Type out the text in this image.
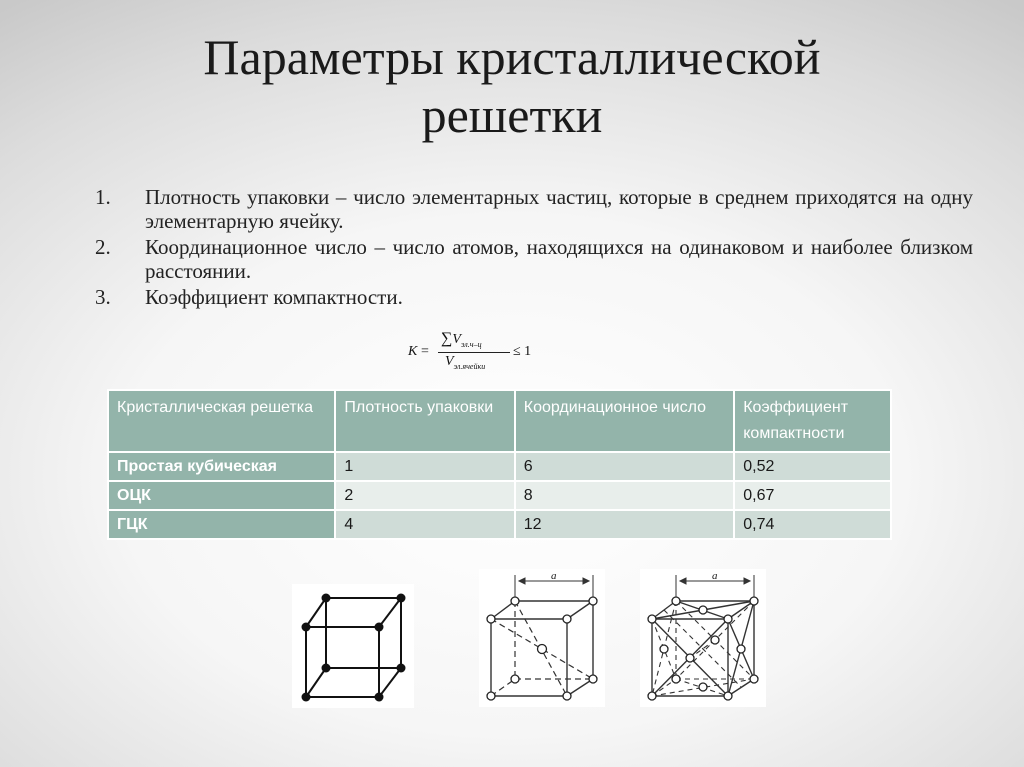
Параметры кристаллической
решетки
1. Плотность упаковки – число элементарных частиц, которые в среднем приходятся на одну элементарную ячейку.
2. Координационное число – число атомов, находящихся на одинаковом и наиболее близком расстоянии.
3. Коэффициент компактности.
K =
$\sum V_{эл.ч-ц}$
$V_{эл.ячейки}$
≤ 1
Кристаллическая решетка	Плотность упаковки	Координационное число	Коэффициент компактности
Простая кубическая	1	6	0,52
ОЦК	2	8	0,67
ГЦК	4	12	0,74
a	a
